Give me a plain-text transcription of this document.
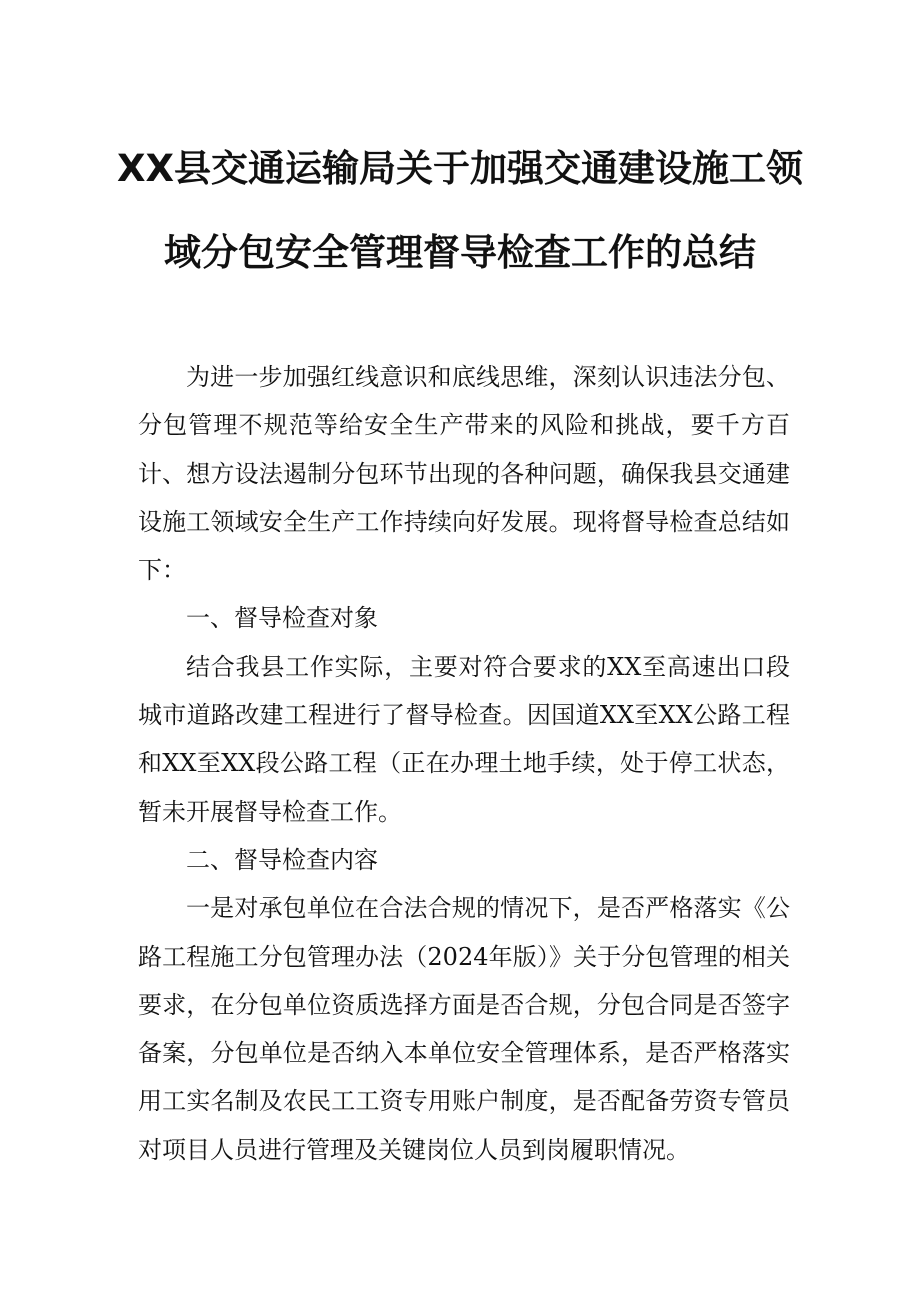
XX县交通运输局关于加强交通建设施工领
域分包安全管理督导检查工作的总结

为进一步加强红线意识和底线思维，深刻认识违法分包、分包管理不规范等给安全生产带来的风险和挑战，要千方百计、想方设法遏制分包环节出现的各种问题，确保我县交通建设施工领域安全生产工作持续向好发展。现将督导检查总结如下：

一、督导检查对象

结合我县工作实际，主要对符合要求的XX至高速出口段城市道路改建工程进行了督导检查。因国道XX至XX公路工程和XX至XX段公路工程（正在办理土地手续，处于停工状态，暂未开展督导检查工作。

二、督导检查内容

一是对承包单位在合法合规的情况下，是否严格落实《公路工程施工分包管理办法（2024年版）》关于分包管理的相关要求，在分包单位资质选择方面是否合规，分包合同是否签字备案，分包单位是否纳入本单位安全管理体系，是否严格落实用工实名制及农民工工资专用账户制度，是否配备劳资专管员对项目人员进行管理及关键岗位人员到岗履职情况。
